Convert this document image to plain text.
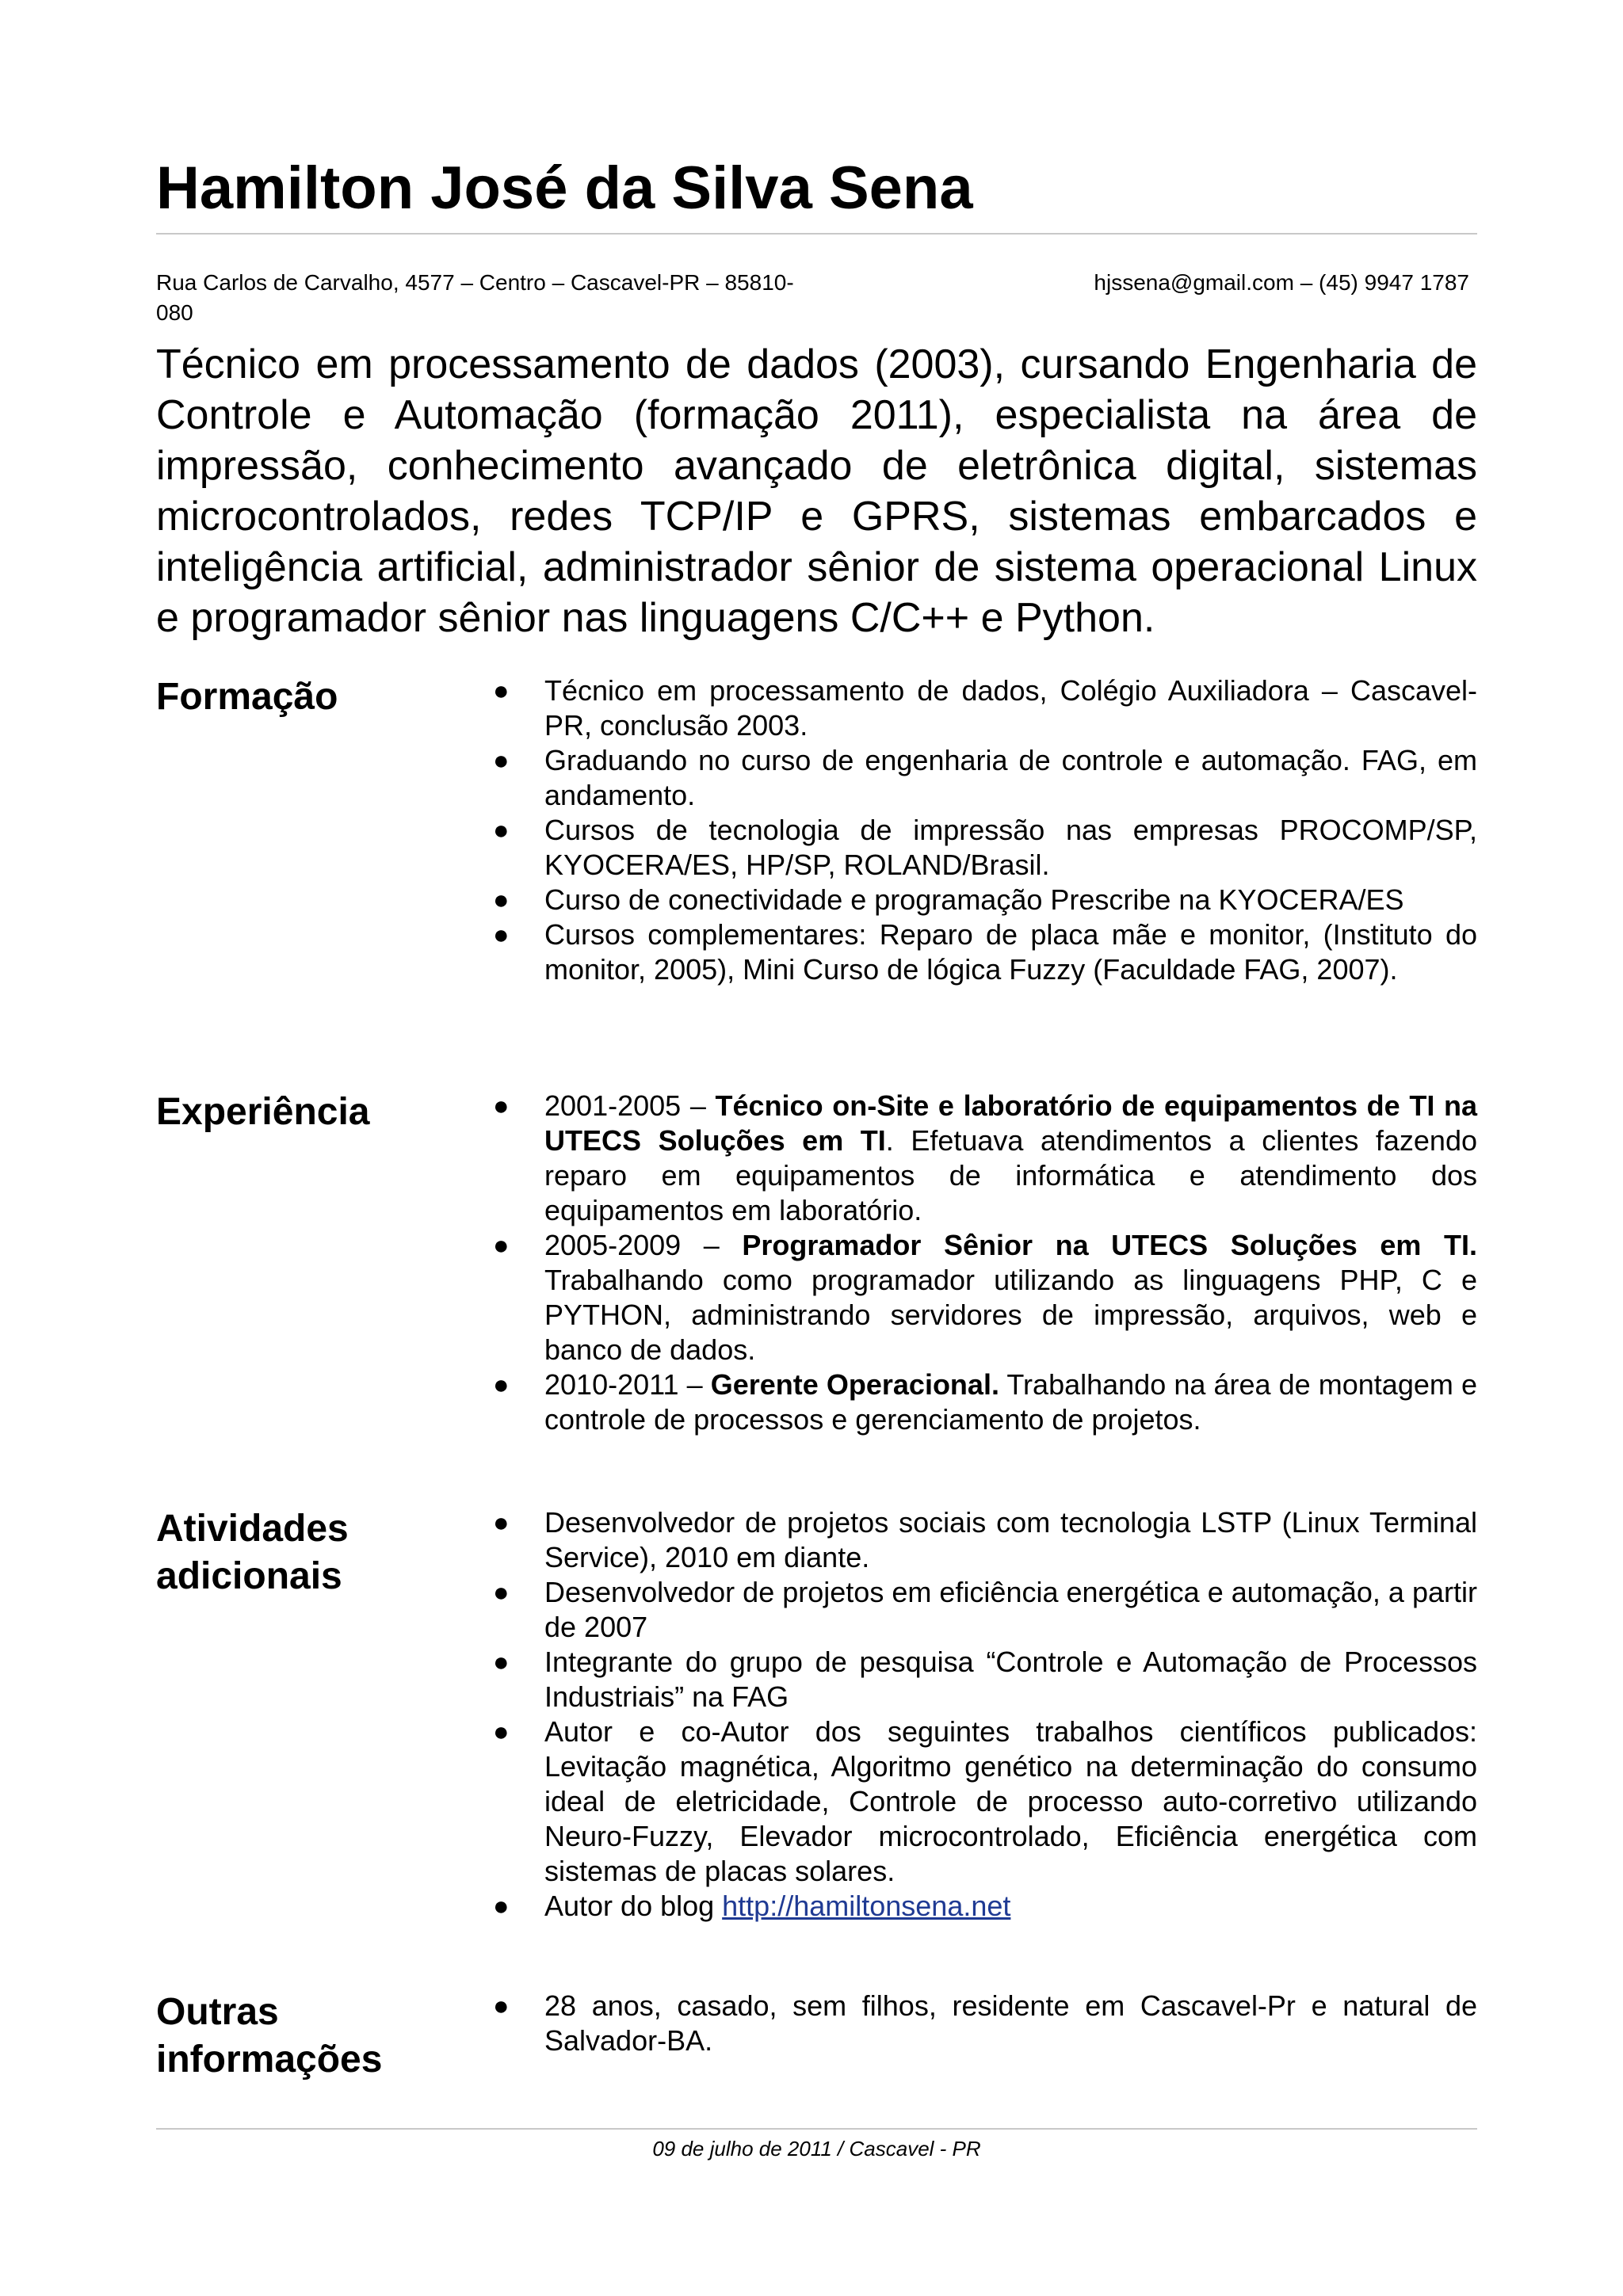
Hamilton José da Silva Sena
Rua Carlos de Carvalho, 4577 – Centro – Cascavel-PR – 85810-080
hjssena@gmail.com – (45) 9947 1787

Técnico em processamento de dados (2003), cursando Engenharia de Controle e Automação (formação 2011), especialista na área de impressão, conhecimento avançado de eletrônica digital, sistemas microcontrolados, redes TCP/IP e GPRS, sistemas embarcados e inteligência artificial, administrador sênior de sistema operacional Linux e programador sênior nas linguagens C/C++ e Python.

Formação	● Técnico em processamento de dados, Colégio Auxiliadora – Cascavel-PR, conclusão 2003.
● Graduando no curso de engenharia de controle e automação. FAG, em andamento.
● Cursos de tecnologia de impressão nas empresas PROCOMP/SP, KYOCERA/ES, HP/SP, ROLAND/Brasil.
● Curso de conectividade e programação Prescribe na KYOCERA/ES
● Cursos complementares: Reparo de placa mãe e monitor, (Instituto do monitor, 2005), Mini Curso de lógica Fuzzy (Faculdade FAG, 2007).
Experiência	● 2001-2005 – Técnico on-Site e laboratório de equipamentos de TI na UTECS Soluções em TI. Efetuava atendimentos a clientes fazendo reparo em equipamentos de informática e atendimento dos equipamentos em laboratório.
● 2005-2009 – Programador Sênior na UTECS Soluções em TI. Trabalhando como programador utilizando as linguagens PHP, C e PYTHON, administrando servidores de impressão, arquivos, web e banco de dados.
● 2010-2011 – Gerente Operacional. Trabalhando na área de montagem e controle de processos e gerenciamento de projetos.
Atividades
adicionais
● Desenvolvedor de projetos sociais com tecnologia LSTP (Linux Terminal Service), 2010 em diante.
● Desenvolvedor de projetos em eficiência energética e automação, a partir de 2007
● Integrante do grupo de pesquisa “Controle e Automação de Processos Industriais” na FAG
● Autor e co-Autor dos seguintes trabalhos científicos publicados: Levitação magnética, Algoritmo genético na determinação do consumo ideal de eletricidade, Controle de processo auto-corretivo utilizando Neuro-Fuzzy, Elevador microcontrolado, Eficiência energética com sistemas de placas solares.
● Autor do blog http://hamiltonsena.net
Outras
informações
● 28 anos, casado, sem filhos, residente em Cascavel-Pr e natural de Salvador-BA.
09 de julho de 2011 / Cascavel - PR
